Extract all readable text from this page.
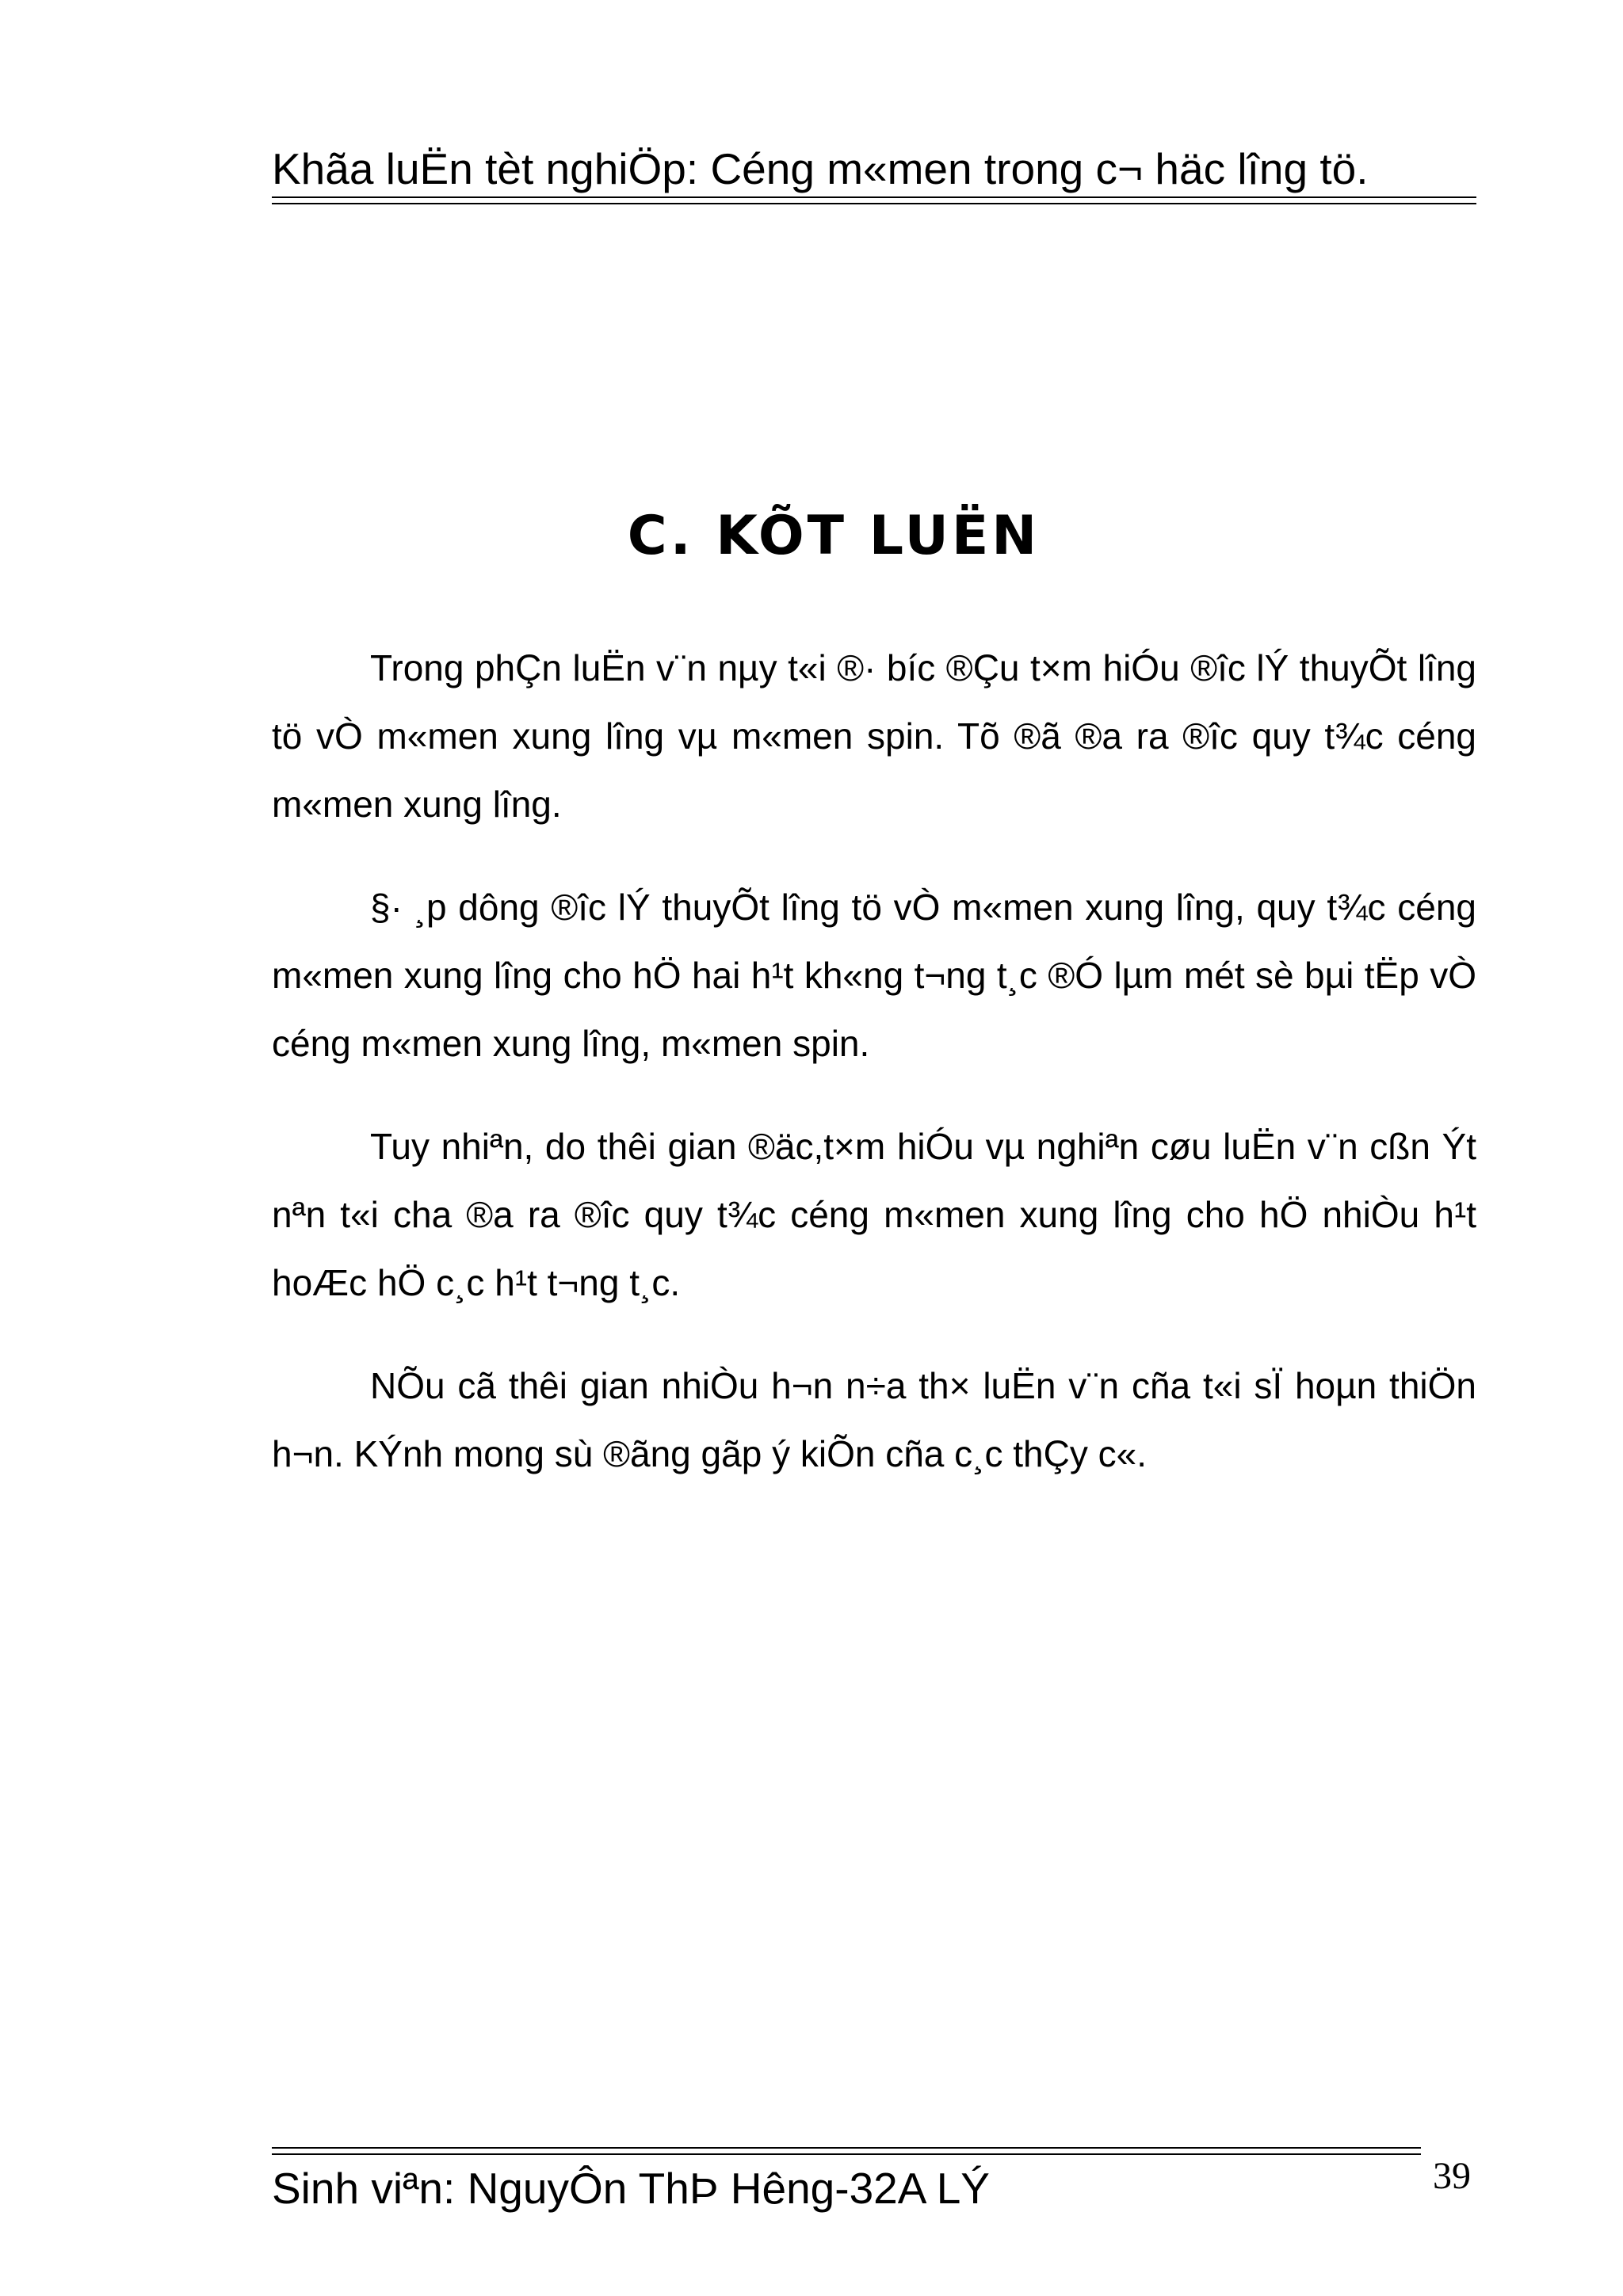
Khãa luËn tèt nghiÖp: Céng m«men trong c¬ häc lîng tö.
C. KÕT LUËN

Trong phÇn luËn v¨n nµy t«i ®· bíc ®Çu t×m hiÓu ®îc lÝ thuyÕt lîng tö vÒ m«men xung lîng vµ m«men spin. Tõ ®ã ®a ra ®îc quy t¾c céng m«men xung lîng.

§· ¸p dông ®îc lÝ thuyÕt lîng tö vÒ m«men xung lîng, quy t¾c céng m«men xung lîng cho hÖ hai h¹t kh«ng t¬ng t¸c ®Ó lµm mét sè bµi tËp vÒ céng m«men xung lîng, m«men spin.

Tuy nhiªn, do thêi gian ®äc,t×m hiÓu vµ nghiªn cøu luËn v¨n cßn Ýt nªn t«i cha ®a ra ®îc quy t¾c céng m«men xung lîng cho hÖ nhiÒu h¹t hoÆc hÖ c¸c h¹t t¬ng t¸c.

NÕu cã thêi gian nhiÒu h¬n n÷a th× luËn v¨n cña t«i sÏ hoµn thiÖn h¬n. KÝnh mong sù ®ãng gãp ý kiÕn cña c¸c thÇy c«.

Sinh viªn: NguyÔn ThÞ Hêng-32A LÝ	39
